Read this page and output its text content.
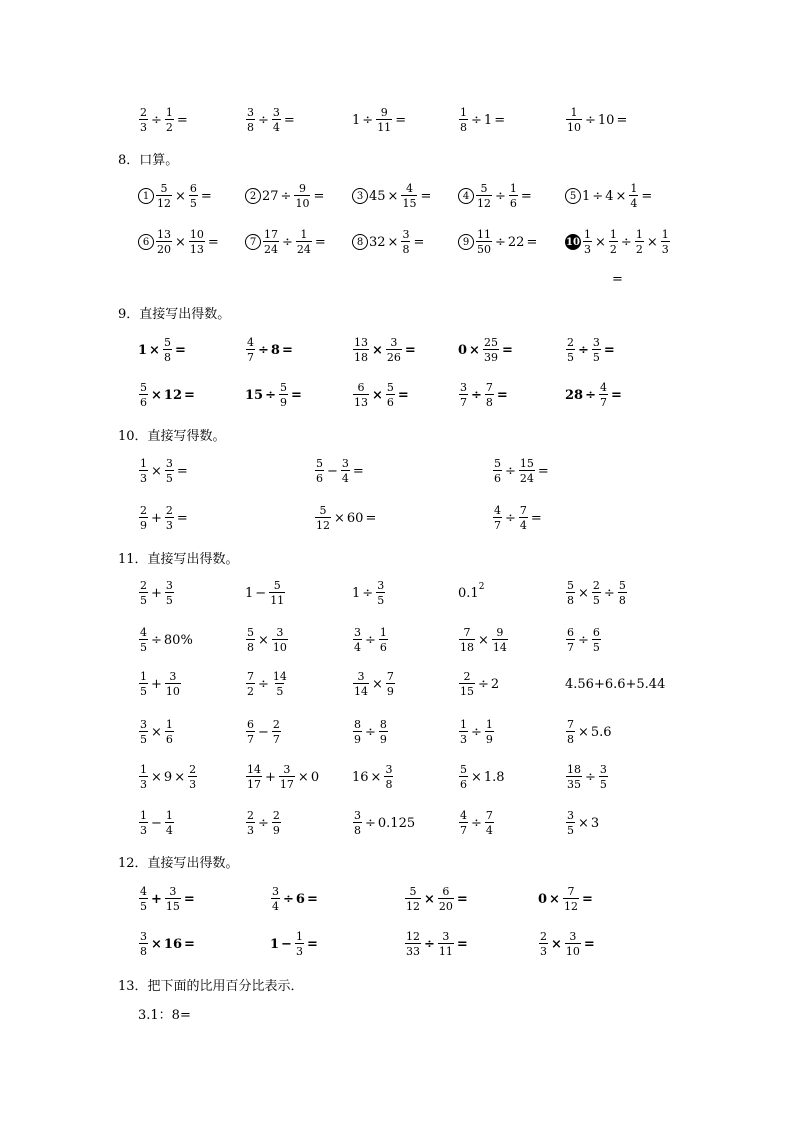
$\frac{2}{3} \div \frac{1}{2}$ =	$\frac{3}{8} \div \frac{3}{4}$ =	$1 \div \frac{9}{11}$ =	$\frac{1}{8} \div 1$ =	$\frac{1}{10} \div 10$ =
8． 口算。
$1 \frac{5}{12} \times \frac{6}{5}$ =	2 $27 \div \frac{9}{10}$ =	3 $45 \times \frac{4}{15}$ =	$4 \frac{5}{12} \div \frac{1}{6}$ =	5 $1 \div 4 \times \frac{1}{4}$ =
$6 \frac{13}{20} \times \frac{10}{13}$ =	$7 \frac{17}{24} \div \frac{1}{24}$ =	8 $32 \times \frac{3}{8}$ =	$9 \frac{11}{50} \div 22$ =	$10 \frac{1}{3} \times \frac{1}{2} \div \frac{1}{2} \times \frac{1}{3}$
=
9． 直接写出得数。
$1 \times \frac{5}{8}$ =	$\frac{4}{7} \div 8$ =	$\frac{13}{18} \times \frac{3}{26}$ =	$0 \times \frac{25}{39}$ =	$\frac{2}{5} \div \frac{3}{5}$ =
$\frac{5}{6} \times 12$ =	$15 \div \frac{5}{9}$ =	$\frac{6}{13} \times \frac{5}{6}$ =	$\frac{3}{7} \div \frac{7}{8}$ =	$28 \div \frac{4}{7}$ =
10． 直接写得数。
$\frac{1}{3} \times \frac{3}{5}$ =	$\frac{5}{6} - \frac{3}{4}$ =	$\frac{5}{6} \div \frac{15}{24}$ =
$\frac{2}{9} + \frac{2}{3}$ =	$\frac{5}{12} \times 60$ =	$\frac{4}{7} \div \frac{7}{4}$ =
11． 直接写出得数。
$\frac{2}{5} + \frac{3}{5}$	$1 - \frac{5}{11}$	$1 \div \frac{3}{5}$	0.1 2	$\frac{5}{8} \times \frac{2}{5} \div \frac{5}{8}$
$\frac{4}{5} \div 80\%$	$\frac{5}{8} \times \frac{3}{10}$	$\frac{3}{4} \div \frac{1}{6}$	$\frac{7}{18} \times \frac{9}{14}$	$\frac{6}{7} \div \frac{6}{5}$
$\frac{1}{5} + \frac{3}{10}$	$\frac{7}{2} \div \frac{14}{5}$	$\frac{3}{14} \times \frac{7}{9}$	$\frac{2}{15} \div 2$	4.56+6.6+5.44
$\frac{3}{5} \times \frac{1}{6}$	$\frac{6}{7} - \frac{2}{7}$	$\frac{8}{9} \div \frac{8}{9}$	$\frac{1}{3} \div \frac{1}{9}$	$\frac{7}{8} \times 5.6$
$\frac{1}{3} \times 9 \times \frac{2}{3}$	$\frac{14}{17} + \frac{3}{17} \times 0$	$16 \times \frac{3}{8}$	$\frac{5}{6} \times 1.8$	$\frac{18}{35} \div \frac{3}{5}$
$\frac{1}{3} - \frac{1}{4}$	$\frac{2}{3} \div \frac{2}{9}$	$\frac{3}{8} \div 0.125$	$\frac{4}{7} \div \frac{7}{4}$	$\frac{3}{5} \times 3$
12． 直接写出得数。
$\frac{4}{5} + \frac{3}{15}$ =	$\frac{3}{4} \div 6$ =	$\frac{5}{12} \times \frac{6}{20}$ =	$0 \times \frac{7}{12}$ =
$\frac{3}{8} \times 16$ =	$1 - \frac{1}{3}$ =	$\frac{12}{33} \div \frac{3}{11}$ =	$\frac{2}{3} \times \frac{3}{10}$ =
13． 把下面的比用百分比表示．
3.1：8=
